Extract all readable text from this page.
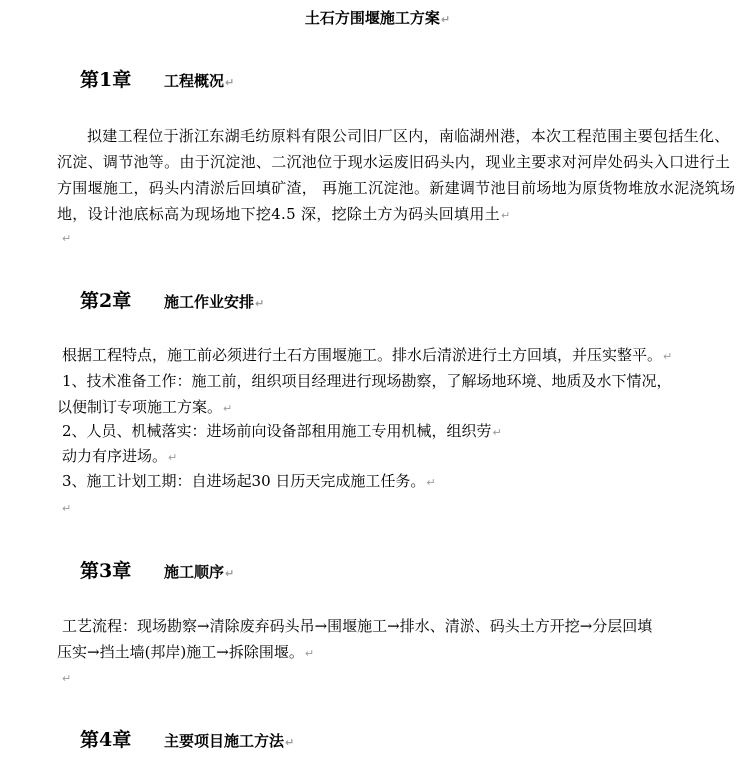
土石方围堰施工方案↵
第1章 工程概况↵
拟建工程位于浙江东湖毛纺原料有限公司旧厂区内，南临湖州港，本次工程范围主要包括生化、沉淀、调节池等。由于沉淀池、二沉池位于现水运废旧码头内，现业主要求对河岸处码头入口进行土方围堰施工，码头内清淤后回填矿渣， 再施工沉淀池。新建调节池目前场地为原货物堆放水泥浇筑场地，设计池底标高为现场地下挖4.5 深，挖除土方为码头回填用土↵
↵
第2章 施工作业安排↵
根据工程特点，施工前必须进行土石方围堰施工。排水后清淤进行土方回填，并压实整平。↵
1、技术准备工作：施工前，组织项目经理进行现场勘察，了解场地环境、地质及水下情况，
以便制订专项施工方案。↵
2、人员、机械落实：进场前向设备部租用施工专用机械，组织劳↵
动力有序进场。↵
3、施工计划工期：自进场起30 日历天完成施工任务。↵
↵
第3章 施工顺序↵
工艺流程：现场勘察→清除废弃码头吊→围堰施工→排水、清淤、码头土方开挖→分层回填
压实→挡土墙(邦岸)施工→拆除围堰。↵
↵
第4章 主要项目施工方法↵
